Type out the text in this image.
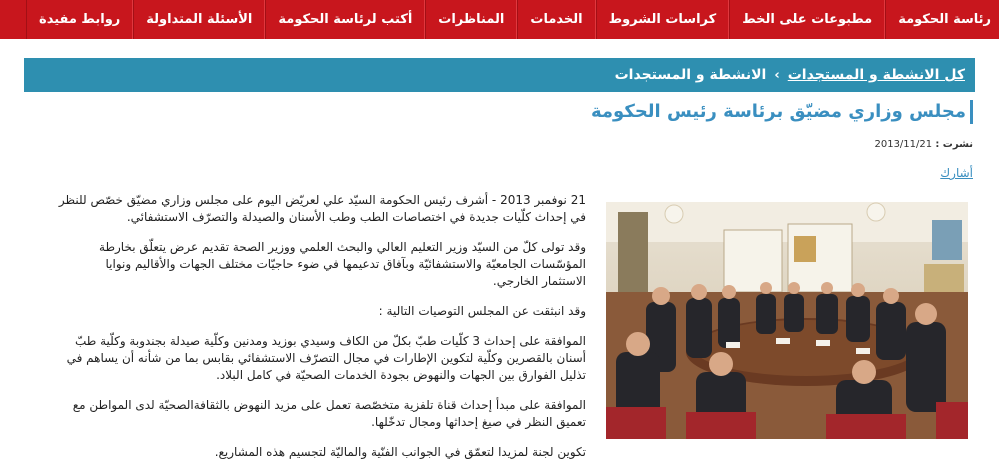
رئاسة الحكومة
مطبوعات على الخط
كراسات الشروط
الخدمات
المناظرات
أكتب لرئاسة الحكومة
الأسئلة المتداولة
روابط مفيدة
كل الانشطة و المستجدات
›
الانشطة و المستجدات
مجلس وزاري مضيّق برئاسة رئيس الحكومة
نشرت : 2013/11/21
أشارك

21 نوفمبر 2013 - أشرف رئيس الحكومة السيّد علي لعريّض اليوم على مجلس وزاري مضيّق خصّص للنظر في إحداث كلّيات جديدة في اختصاصات الطب وطب الأسنان والصيدلة والتصرّف الاستشفائي.

وقد تولى كلّ من السيّد وزير التعليم العالي والبحث العلمي ووزير الصحة تقديم عرض يتعلّق بخارطة المؤسّسات الجامعيّة والاستشفائيّة وبآفاق تدعيمها في ضوء حاجيّات مختلف الجهات والأقاليم ونوايا الاستثمار الخارجي.

وقد انبثقت عن المجلس التوصيات التالية :

الموافقة على إحداث 3 كلّيات طبّ بكلّ من الكاف وسيدي بوزيد ومدنين وكلّية صيدلة بجندوبة وكلّية طبّ أسنان بالقصرين وكلّية لتكوين الإطارات في مجال التصرّف الاستشفائي بقابس بما من شأنه أن يساهم في تذليل الفوارق بين الجهات والنهوض بجودة الخدمات الصحيّة في كامل البلاد.

الموافقة على مبدأ إحداث قناة تلفزية متخصّصة تعمل على مزيد النهوض بالثقافةالصحيّة لدى المواطن مع تعميق النظر في صيغ إحداثها ومجال تدخّلها.

تكوين لجنة لمزيدا لتعمّق في الجوانب الفنّية والماليّة لتجسيم هذه المشاريع.
